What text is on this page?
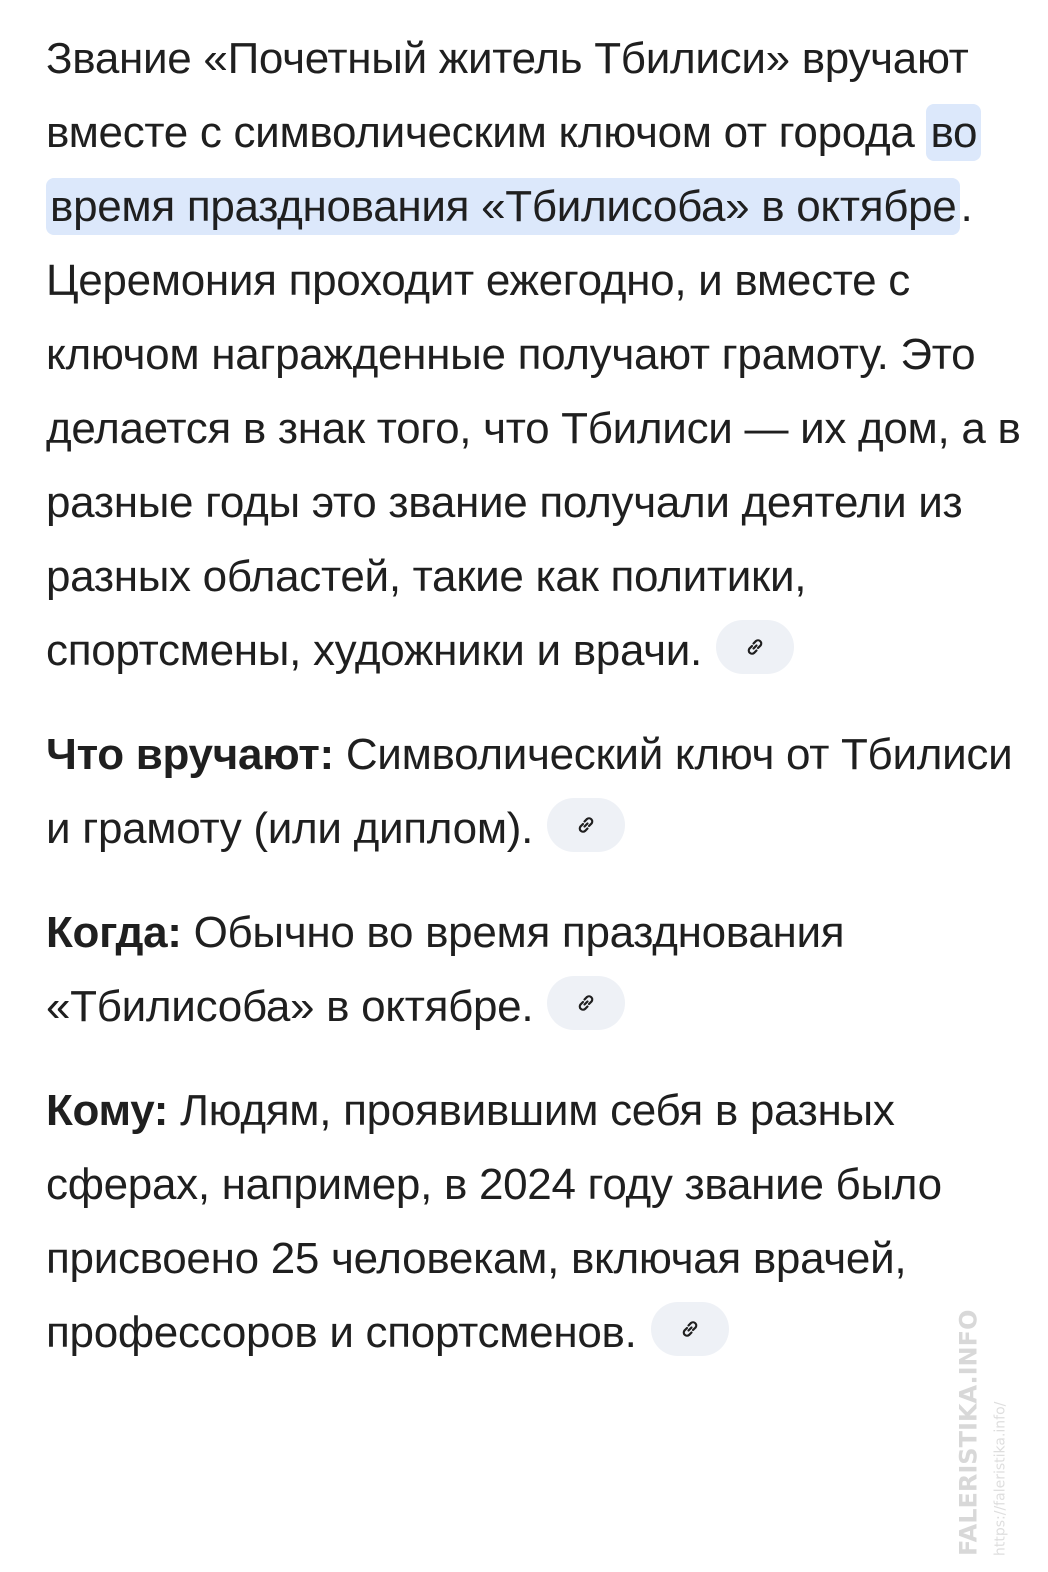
Звание «Почетный житель Тбилиси» вручают вместе с символическим ключом от города во время празднования «Тбилисоба» в октябре. Церемония проходит ежегодно, и вместе с ключом награжденные получают грамоту. Это делается в знак того, что Тбилиси — их дом, а в разные годы это звание получали деятели из разных областей, такие как политики, спортсмены, художники и врачи.

Что вручают: Символический ключ от Тбилиси и грамоту (или диплом).

Когда: Обычно во время празднования «Тбилисоба» в октябре.

Кому: Людям, проявившим себя в разных сферах, например, в 2024 году звание было присвоено 25 человекам, включая врачей, профессоров и спортсменов.	FALERISTIKA.INFO https://faleristika.info/
